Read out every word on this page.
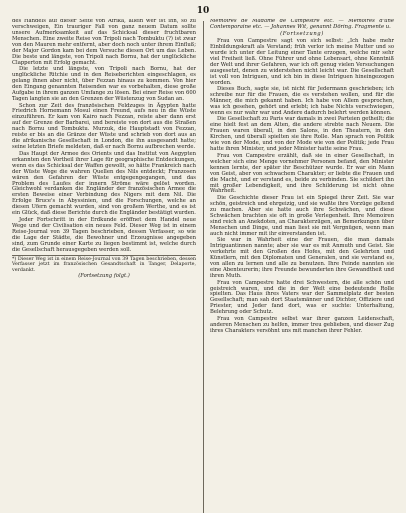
10

des Handels auf dieser Seite von Afrika, allein wer ist ihn, so zu verschweigen, Ein trauriger Fall von ganz neuem Datum sollte unsere Aufmerksamkeit auf das Schicksal dieser fruchtbaren Menschen. Eine zweite Reise von Tripoli nach Tombuktu (?) ist zwar von den Mauren mehr entfernt, aber doch noch unter ihrem Einfluß; der Major Gordon kam bei dem Versuche diesen Ort um das Leben. Die beste und längste, von Tripoli nach Bornu, hat der unglückliche Clapperton mit Erfolg gemacht.

Die letzte und längste, von Tripoli nach Bornu, hat der unglückliche Ritchie und in den Reiseberichten eingeschlagen, es gelang ihnen aber nicht, über Fezzan hinaus zu kommen. Von hier den Eingang genannten Reisenden war es vorbehalten, diese große Aufgabe in ihrem ganzen Umfange zu lösen. Bei einer Reise von 600 Tagen langten sie an den Grenzen der Wüstenzug von Sudan an.

Schon zur Zeit des französischen Feldzuges in Ägypten hatte Friedrich Hornemann Mosul einen Freund, aufs neu in die Wüste einzuführen. Er kam von Kairo nach Fezzan, reiste aber dann erst auf der Grenze der Barbarei, und bereiste von dort aus die Straßen nach Bornu und Tombuktu. Murzuk, die Hauptstadt von Fezzan, reiste er bis an die Gränze der Wüste und schrieb von dort aus an die afrikanische Gesellschaft in London, die ihn ausgesandt hatte; seine letzten Briefe meldeten, daß er nach Bornu aufbrechen werde.

Das Haupt der Armee des Orients und das Institut von Aegypten erkannten den Vortheil ihrer Lage für geographische Entdeckungen, wenn es das Schicksal der Waffen gewollt, so hätte Frankreich nach der Wüste Wege die wahren Quellen des Nils entdeckt; Franzosen wären den Gefahren der Wüste entgegengegangen, und das Problem des Laufes der innern Ströme wäre gelöst worden. Gleichwohl verdanken die Engländer der französischen Armee die ersten Beweise einer Verbindung des Nigers mit dem Nil. Die Erfolge Bruce's in Abyssinien, und die Forschungen, welche an diesen Ufern gemacht wurden, sind von großem Werthe, und es ist ein Glück, daß diese Berichte durch die Engländer bestätigt wurden.

Jeder Fortschritt in der Erdkunde eröffnet dem Handel neue Wege und der Civilisation ein neues Feld. Dieser Weg ist in einem Reise-Journal von 39 Tagen beschrieben, dessen Verfasser, so wie die Lage der Städte, die Bewohner und Erzeugnisse angegeben sind, zum Grunde einer Karte zu liegen bestimmt ist, welche durch die Gesellschaft herausgegeben werden soll.

*) Dieser Weg ist in einem Reise-Journal von 39 Tagen beschrieben, dessen Verfasser jetzt im französischen Gesandtschaft in Tanger, Delaporte, verdankt.
(Fortsetzung folgt.)
Mémoires de Madame de Campestre etc. — Mémoires d'une Contemporaine etc. — Johannes Wit, genannt Döring. Fragmente u.
(Fortsetzung)

Frau von Campestre sagt von sich selbst: „Ich habe mehr Einbildungskraft als Verstand; früh verlor ich meine Mutter und so wurde ich unter der Leitung einer Tante erzogen, welche mir sehr viel Freiheit ließ. Ohne Führer und ohne Lebensart, ohne Kenntniß der Welt und ihrer Gefahren, war ich oft genug vielen Versuchungen ausgesetzt, denen zu widerstehen nicht leicht war. Die Gesellschaft ist voll von Intriguen, und ich bin in diese Intriguen hineingezogen worden.

Dieses Buch, sagte sie, ist nicht für Jedermann geschrieben; ich schreibe nur für die Frauen, die es verstehen wollen, und für die Männer, die mich gekannt haben. Ich habe von Allem gesprochen, was ich gesehen, gehört und erlebt; ich habe Nichts verschwiegen, wenn es nur wahr war und Andere dadurch belehrt werden können.

Die Gesellschaft zu Paris war damals in zwei Parteien getheilt; die eine hielt fest an dem Alten, die andere strebte nach Neuem. Die Frauen waren überall, in den Salons, in den Theatern, in den Kirchen, und überall spielten sie ihre Rolle. Man sprach von Politik wie von der Mode, und von der Mode wie von der Politik; jede Frau hatte ihren Minister, und jeder Minister hatte seine Frau.

Frau von Campestre erzählt, daß sie in einer Gesellschaft, in welcher sich eine Menge vornehmer Personen befand, den Minister kennen lernte, der später ihr Beschützer wurde. Er war ein Mann von Geist, aber von schwachem Charakter; er liebte die Frauen und die Macht, und er verstand es, beide zu verbinden. Sie schildert ihn mit großer Lebendigkeit, und ihre Schilderung ist nicht ohne Wahrheit.

Die Geschichte dieser Frau ist ein Spiegel ihrer Zeit. Sie war schön, geistreich und ehrgeizig, und sie wußte ihre Vorzüge geltend zu machen. Aber sie hatte auch ihre Schwächen, und diese Schwächen brachten sie oft in große Verlegenheit. Ihre Memoiren sind reich an Anekdoten, an Charakterzügen, an Bemerkungen über Menschen und Dinge, und man liest sie mit Vergnügen, wenn man auch nicht immer mit ihr einverstanden ist.

Sie war in Wahrheit eine der Frauen, die man damals Intriguantinnen nannte; aber sie war es mit Anmuth und Geist. Sie verkehrte mit den Großen des Hofes, mit den Gelehrten und Künstlern, mit den Diplomaten und Generalen, und sie verstand es, von allen zu lernen und alle zu benutzen. Ihre Feinde nannten sie eine Abenteurerin; ihre Freunde bewunderten ihre Gewandtheit und ihren Muth.

Frau von Campestre hatte drei Schwestern, die alle schön und geistreich waren, und die in der Welt eine bedeutende Rolle spielten. Das Haus ihres Vaters war der Sammelplatz der besten Gesellschaft; man sah dort Staatsmänner und Dichter, Offiziere und Priester, und Jeder fand dort, was er suchte: Unterhaltung, Belehrung oder Schutz.

Frau von Campestre selbst war ihrer ganzen Leidenschaft, anderen Menschen zu helfen, immer treu geblieben, und dieser Zug ihres Charakters versöhnt uns mit manchen ihrer Fehler.
